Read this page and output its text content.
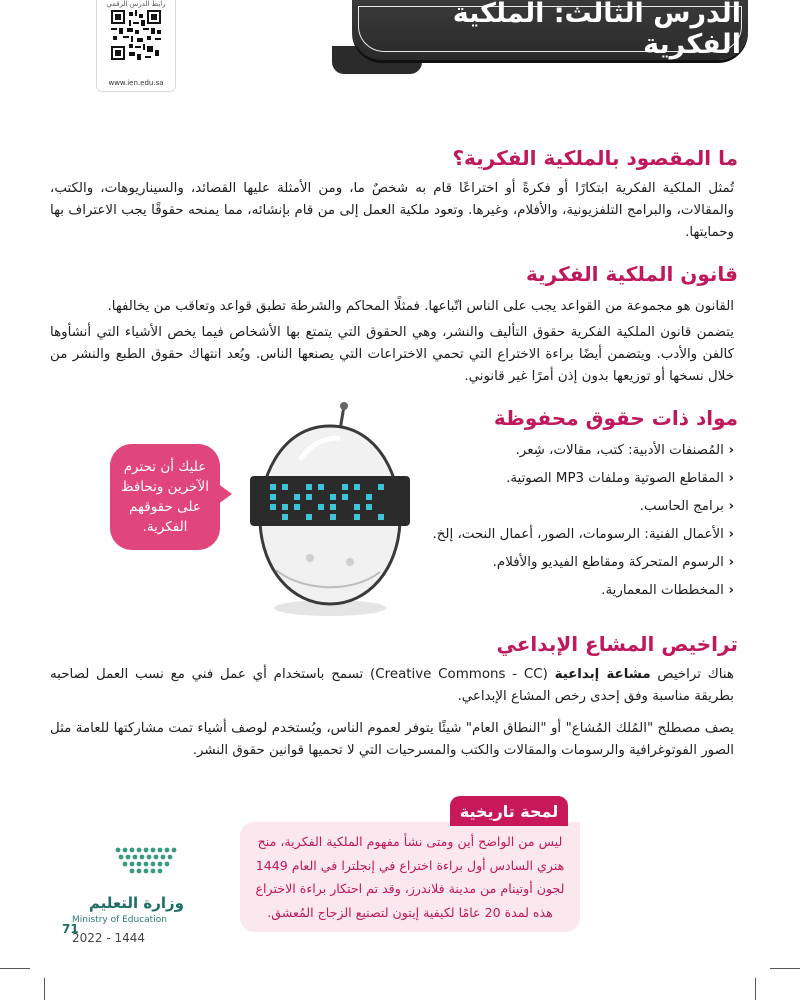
رابط الدرس الرقمي
www.ien.edu.sa
الدرس الثالث: الملكية الفكرية
ما المقصود بالملكية الفكرية؟
تُمثل الملكية الفكرية ابتكارًا أو فكرةً أو اختراعًا قام به شخصٌ ما، ومن الأمثلة عليها القصائد، والسيناريوهات، والكتب، والمقالات، والبرامج التلفزيونية، والأفلام، وغيرها. وتعود ملكية العمل إلى من قام بإنشائه، مما يمنحه حقوقًا يجب الاعتراف بها وحمايتها.
قانون الملكية الفكرية
القانون هو مجموعة من القواعد يجب على الناس اتّباعها. فمثلًا المحاكم والشرطة تطبق قواعد وتعاقب من يخالفها.
يتضمن قانون الملكية الفكرية حقوق التأليف والنشر، وهي الحقوق التي يتمتع بها الأشخاص فيما يخص الأشياء التي أنشأوها كالفن والأدب. ويتضمن أيضًا براءة الاختراع التي تحمي الاختراعات التي يصنعها الناس. ويُعد انتهاك حقوق الطبع والنشر من خلال نسخها أو توزيعها بدون إذن أمرًا غير قانوني.
مواد ذات حقوق محفوظة
‹ المُصنفات الأدبية: كتب، مقالات، شِعر.
‹ المقاطع الصوتية وملفات MP3 الصوتية.
‹ برامج الحاسب.
‹ الأعمال الفنية: الرسومات، الصور، أعمال النحت، إلخ.
‹ الرسوم المتحركة ومقاطع الفيديو والأفلام.
‹ المخططات المعمارية.
عليك أن تحترم الآخرين وتحافظ على حقوقهم الفكرية.
تراخيص المشاع الإبداعي
هناك تراخيص مشاعة إبداعية (Creative Commons - CC) تسمح باستخدام أي عمل فني مع نسب العمل لصاحبه بطريقة مناسبة وفق إحدى رخص المشاع الإبداعي.
يصف مصطلح "المُلك المُشاع" أو "النطاق العام" شيئًا يتوفر لعموم الناس، ويُستخدم لوصف أشياء تمت مشاركتها للعامة مثل الصور الفوتوغرافية والرسومات والمقالات والكتب والمسرحيات التي لا تحميها قوانين حقوق النشر.
ليس من الواضح أين ومتى نشأ مفهوم الملكية الفكرية، منح هنري السادس أول براءة اختراع في إنجلترا في العام 1449 لجون أوتينام من مدينة فلاندرز، وقد تم احتكار براءة الاختراع هذه لمدة 20 عامًا لكيفية إيتون لتصنيع الزجاج المُعشق.
لمحة تاريخية
وزارة التعليم
Ministry of Education
71
2022 - 1444
